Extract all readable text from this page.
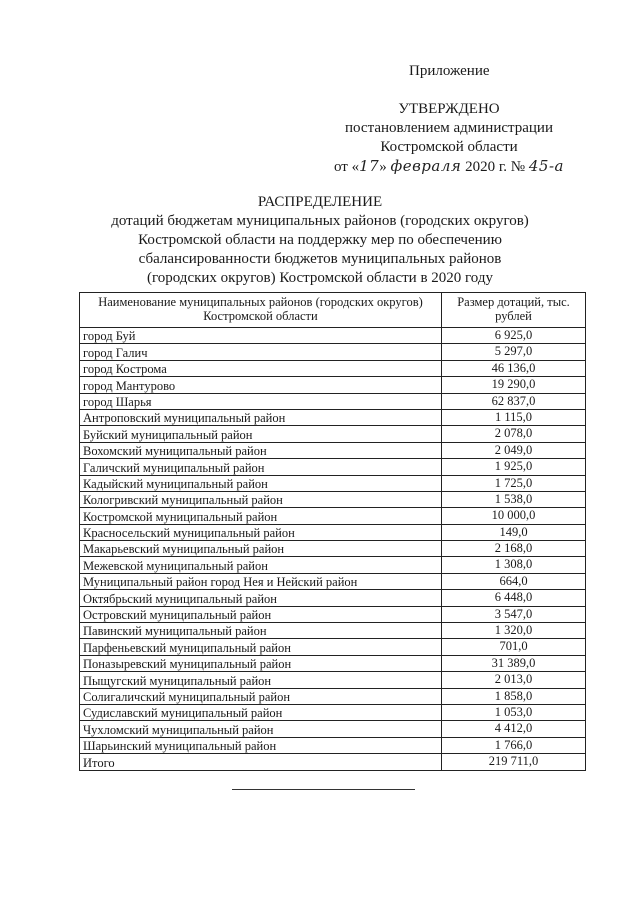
Приложение
УТВЕРЖДЕНО
постановлением администрации
Костромской области
от «17» февраля 2020 г. № 45-а
РАСПРЕДЕЛЕНИЕ
дотаций бюджетам муниципальных районов (городских округов)
Костромской области на поддержку мер по обеспечению
сбалансированности бюджетов муниципальных районов
(городских округов) Костромской области в 2020 году
Наименование муниципальных районов (городских округов) Костромской области	Размер дотаций, тыс. рублей
город Буй	6 925,0
город Галич	5 297,0
город Кострома	46 136,0
город Мантурово	19 290,0
город Шарья	62 837,0
Антроповский муниципальный район	1 115,0
Буйский муниципальный район	2 078,0
Вохомский муниципальный район	2 049,0
Галичский муниципальный район	1 925,0
Кадыйский муниципальный район	1 725,0
Кологривский муниципальный район	1 538,0
Костромской муниципальный район	10 000,0
Красносельский муниципальный район	149,0
Макарьевский муниципальный район	2 168,0
Межевской муниципальный район	1 308,0
Муниципальный район город Нея и Нейский район	664,0
Октябрьский муниципальный район	6 448,0
Островский муниципальный район	3 547,0
Павинский муниципальный район	1 320,0
Парфеньевский муниципальный район	701,0
Поназыревский муниципальный район	31 389,0
Пыщугский муниципальный район	2 013,0
Солигаличский муниципальный район	1 858,0
Судиславский муниципальный район	1 053,0
Чухломский муниципальный район	4 412,0
Шарьинский муниципальный район	1 766,0
Итого	219 711,0
